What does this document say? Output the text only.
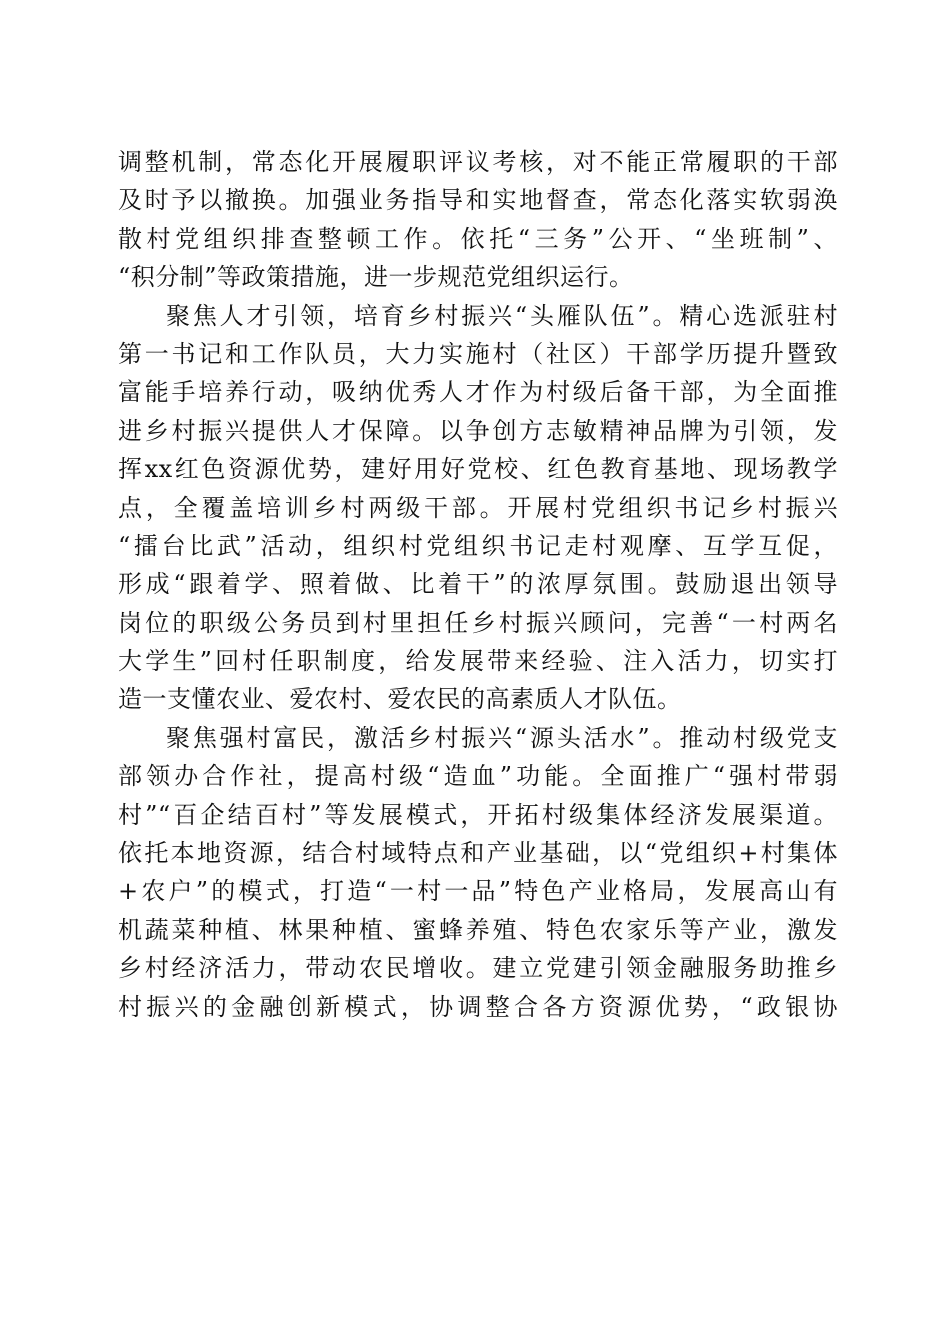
调整机制，常态化开展履职评议考核，对不能正常履职的干部
及时予以撤换。加强业务指导和实地督查，常态化落实软弱涣
散村党组织排查整顿工作。依托“三务”公开、“坐班制”、
“积分制”等政策措施，进一步规范党组织运行。
聚焦人才引领，培育乡村振兴“头雁队伍”。精心选派驻村
第一书记和工作队员，大力实施村（社区）干部学历提升暨致
富能手培养行动，吸纳优秀人才作为村级后备干部，为全面推
进乡村振兴提供人才保障。以争创方志敏精神品牌为引领，发
挥xx红色资源优势，建好用好党校、红色教育基地、现场教学
点，全覆盖培训乡村两级干部。开展村党组织书记乡村振兴
“擂台比武”活动，组织村党组织书记走村观摩、互学互促，
形成“跟着学、照着做、比着干”的浓厚氛围。鼓励退出领导
岗位的职级公务员到村里担任乡村振兴顾问，完善“一村两名
大学生”回村任职制度，给发展带来经验、注入活力，切实打
造一支懂农业、爱农村、爱农民的高素质人才队伍。
聚焦强村富民，激活乡村振兴“源头活水”。推动村级党支
部领办合作社，提高村级“造血”功能。全面推广“强村带弱
村”“百企结百村”等发展模式，开拓村级集体经济发展渠道。
依托本地资源，结合村域特点和产业基础，以“党组织+村集体
+农户”的模式，打造“一村一品”特色产业格局，发展高山有
机蔬菜种植、林果种植、蜜蜂养殖、特色农家乐等产业，激发
乡村经济活力，带动农民增收。建立党建引领金融服务助推乡
村振兴的金融创新模式，协调整合各方资源优势，“政银协
